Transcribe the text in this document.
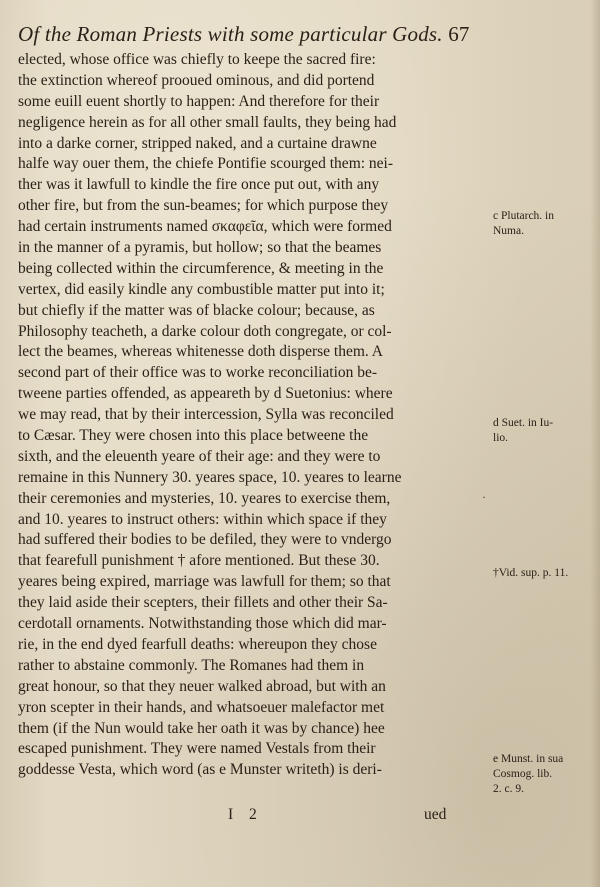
Of the Roman Priests with some particular Gods. 67
elected, whose office was chiefly to keepe the sacred fire:
the extinction whereof prooued ominous, and did portend
some euill euent shortly to happen: And therefore for their
negligence herein as for all other small faults, they being had
into a darke corner, stripped naked, and a curtaine drawne
halfe way ouer them, the chiefe Pontifie scourged them: nei-
ther was it lawfull to kindle the fire once put out, with any
other fire, but from the sun-beames; for which purpose they
had certain instruments named σκαφεῖα, which were formed
in the manner of a pyramis, but hollow; so that the beames
being collected within the circumference, & meeting in the
vertex, did easily kindle any combustible matter put into it;
but chiefly if the matter was of blacke colour; because, as
Philosophy teacheth, a darke colour doth congregate, or col-
lect the beames, whereas whitenesse doth disperse them. A
second part of their office was to worke reconciliation be-
tweene parties offended, as appeareth by d Suetonius: where
we may read, that by their intercession, Sylla was reconciled
to Cæsar. They were chosen into this place betweene the
sixth, and the eleuenth yeare of their age: and they were to
remaine in this Nunnery 30. yeares space, 10. yeares to learne
their ceremonies and mysteries, 10. yeares to exercise them,
and 10. yeares to instruct others: within which space if they
had suffered their bodies to be defiled, they were to vndergo
that fearefull punishment † afore mentioned. But these 30.
yeares being expired, marriage was lawfull for them; so that
they laid aside their scepters, their fillets and other their Sa-
cerdotall ornaments. Notwithstanding those which did mar-
rie, in the end dyed fearfull deaths: whereupon they chose
rather to abstaine commonly. The Romanes had them in
great honour, so that they neuer walked abroad, but with an
yron scepter in their hands, and whatsoeuer malefactor met
them (if the Nun would take her oath it was by chance) hee
escaped punishment. They were named Vestals from their
goddesse Vesta, which word (as e Munster writeth) is deri-
c Plutarch. in
Numa.
d Suet. in Iu-
lio.
†Vid. sup. p. 11.
e Munst. in sua
Cosmog. lib.
2. c. 9.
·
I 2	ued
